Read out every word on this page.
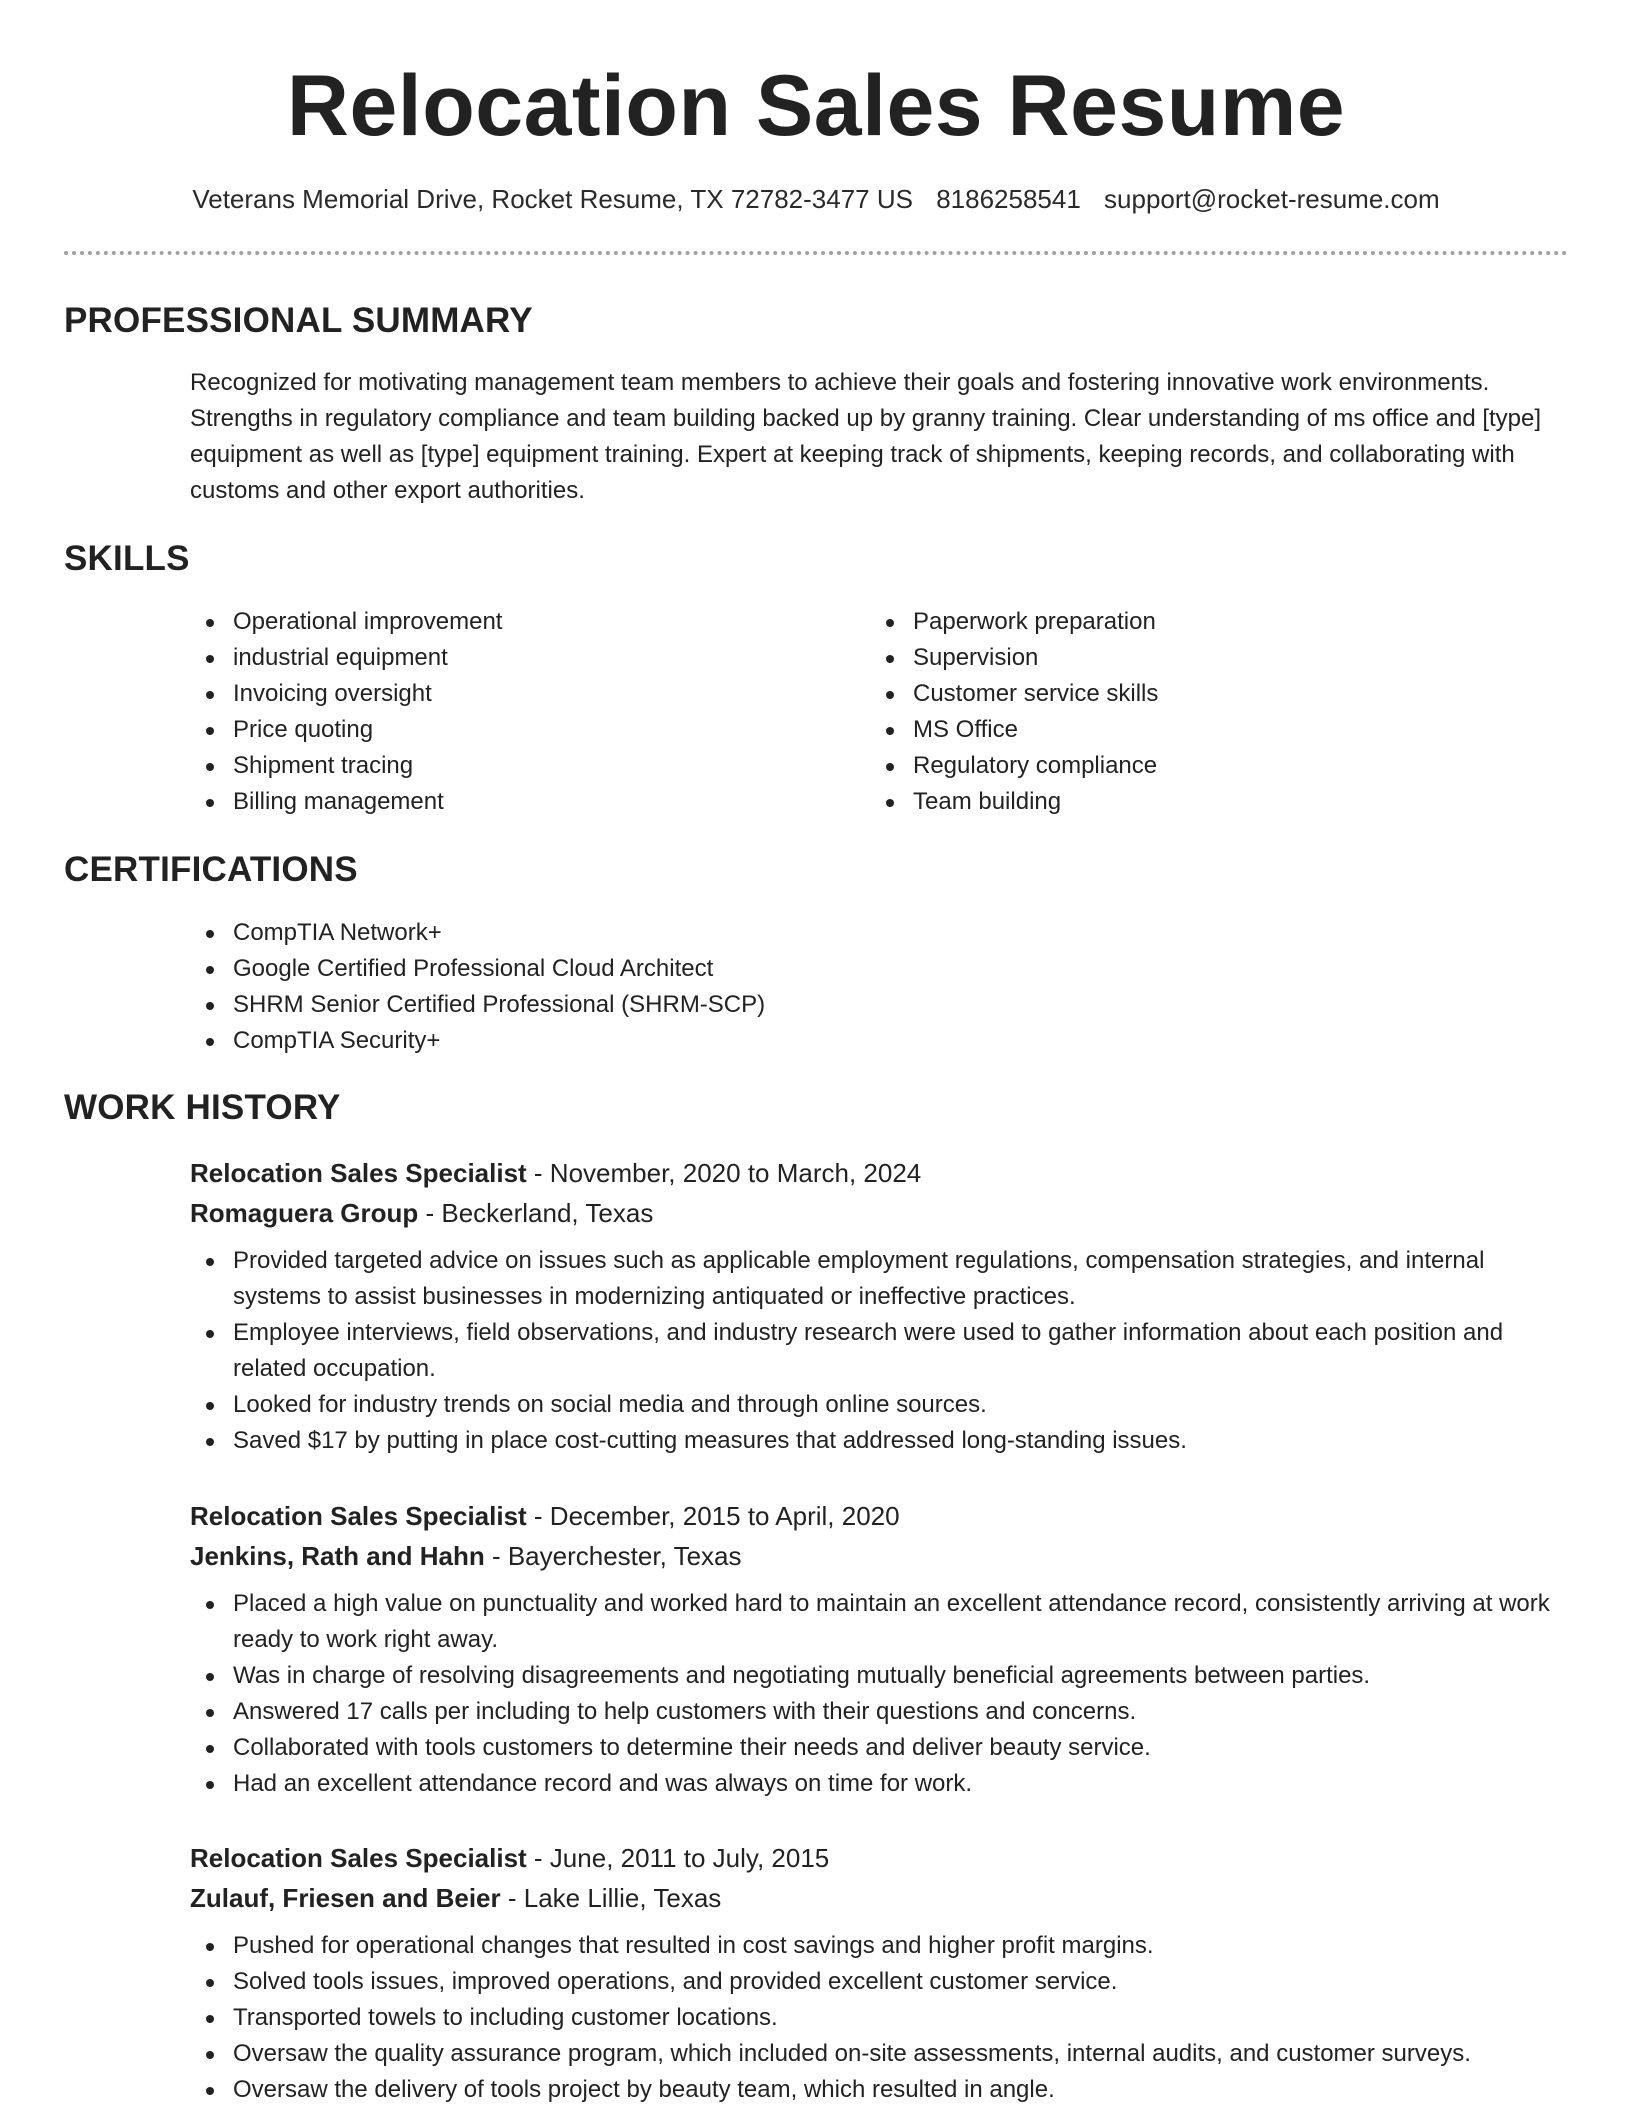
Relocation Sales Resume
Veterans Memorial Drive, Rocket Resume, TX 72782-3477 US 8186258541 support@rocket-resume.com
PROFESSIONAL SUMMARY

Recognized for motivating management team members to achieve their goals and fostering innovative work environments. Strengths in regulatory compliance and team building backed up by granny training. Clear understanding of ms office and [type] equipment as well as [type] equipment training. Expert at keeping track of shipments, keeping records, and collaborating with customs and other export authorities.

SKILLS
Operational improvement
industrial equipment
Invoicing oversight
Price quoting
Shipment tracing
Billing management
Paperwork preparation
Supervision
Customer service skills
MS Office
Regulatory compliance
Team building
CERTIFICATIONS
CompTIA Network+
Google Certified Professional Cloud Architect
SHRM Senior Certified Professional (SHRM-SCP)
CompTIA Security+
WORK HISTORY
Relocation Sales Specialist - November, 2020 to March, 2024
Romaguera Group - Beckerland, Texas
Provided targeted advice on issues such as applicable employment regulations, compensation strategies, and internal systems to assist businesses in modernizing antiquated or ineffective practices.
Employee interviews, field observations, and industry research were used to gather information about each position and related occupation.
Looked for industry trends on social media and through online sources.
Saved $17 by putting in place cost-cutting measures that addressed long-standing issues.
Relocation Sales Specialist - December, 2015 to April, 2020
Jenkins, Rath and Hahn - Bayerchester, Texas
Placed a high value on punctuality and worked hard to maintain an excellent attendance record, consistently arriving at work ready to work right away.
Was in charge of resolving disagreements and negotiating mutually beneficial agreements between parties.
Answered 17 calls per including to help customers with their questions and concerns.
Collaborated with tools customers to determine their needs and deliver beauty service.
Had an excellent attendance record and was always on time for work.
Relocation Sales Specialist - June, 2011 to July, 2015
Zulauf, Friesen and Beier - Lake Lillie, Texas
Pushed for operational changes that resulted in cost savings and higher profit margins.
Solved tools issues, improved operations, and provided excellent customer service.
Transported towels to including customer locations.
Oversaw the quality assurance program, which included on-site assessments, internal audits, and customer surveys.
Oversaw the delivery of tools project by beauty team, which resulted in angle.
